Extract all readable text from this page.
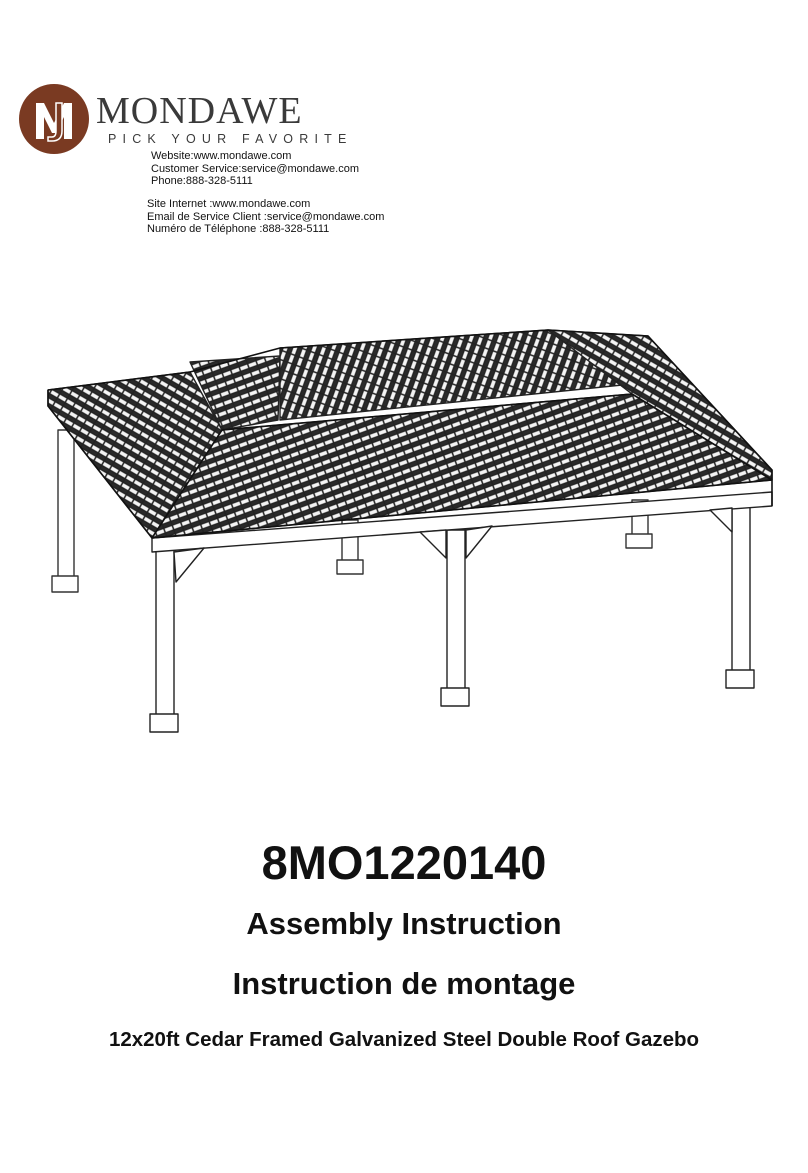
MONDAWE
PICK YOUR FAVORITE
Website:www.mondawe.com
Customer Service:service@mondawe.com
Phone:888-328-5111
Site Internet :www.mondawe.com
Email de Service Client :service@mondawe.com
Numéro de Téléphone :888-328-5111
8MO1220140
Assembly Instruction
Instruction de montage
12x20ft Cedar Framed Galvanized Steel Double Roof Gazebo
